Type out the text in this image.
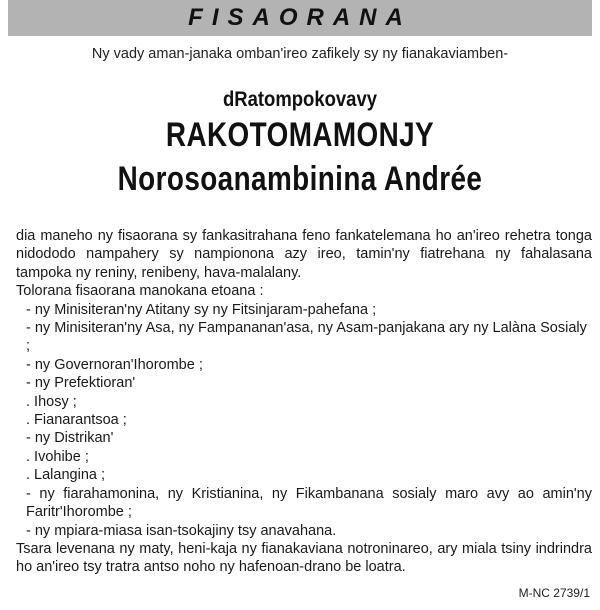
FISAORANA
Ny vady aman-janaka omban'ireo zafikely sy ny fianakaviamben-
dRatompokovavy
RAKOTOMAMONJY
Norosoanambinina Andrée
dia maneho ny fisaorana sy fankasitrahana feno fankatelemana ho an'ireo rehetra tonga nidododo nampahery sy nampionona azy ireo, tamin'ny fiatrehana ny fahalasana tampoka ny reniny, renibeny, hava-malalany.
Tolorana fisaorana manokana etoana :
- ny Minisiteran'ny Atitany sy ny Fitsinjaram-pahefana ;
- ny Minisiteran'ny Asa, ny Fampananan'asa, ny Asam-panjakana ary ny Lalàna Sosialy ;
- ny Governoran'Ihorombe ;
- ny Prefektioran'
. Ihosy ;
. Fianarantsoa ;
- ny Distrikan'
. Ivohibe ;
. Lalangina ;
- ny fiarahamonina, ny Kristianina, ny Fikambanana sosialy maro avy ao amin'ny Faritr'Ihorombe ;
- ny mpiara-miasa isan-tsokajiny tsy anavahana.
Tsara levenana ny maty, heni-kaja ny fianakaviana notroninareo, ary miala tsiny indrindra ho an'ireo tsy tratra antso noho ny hafenoan-drano be loatra.
M-NC 2739/1
